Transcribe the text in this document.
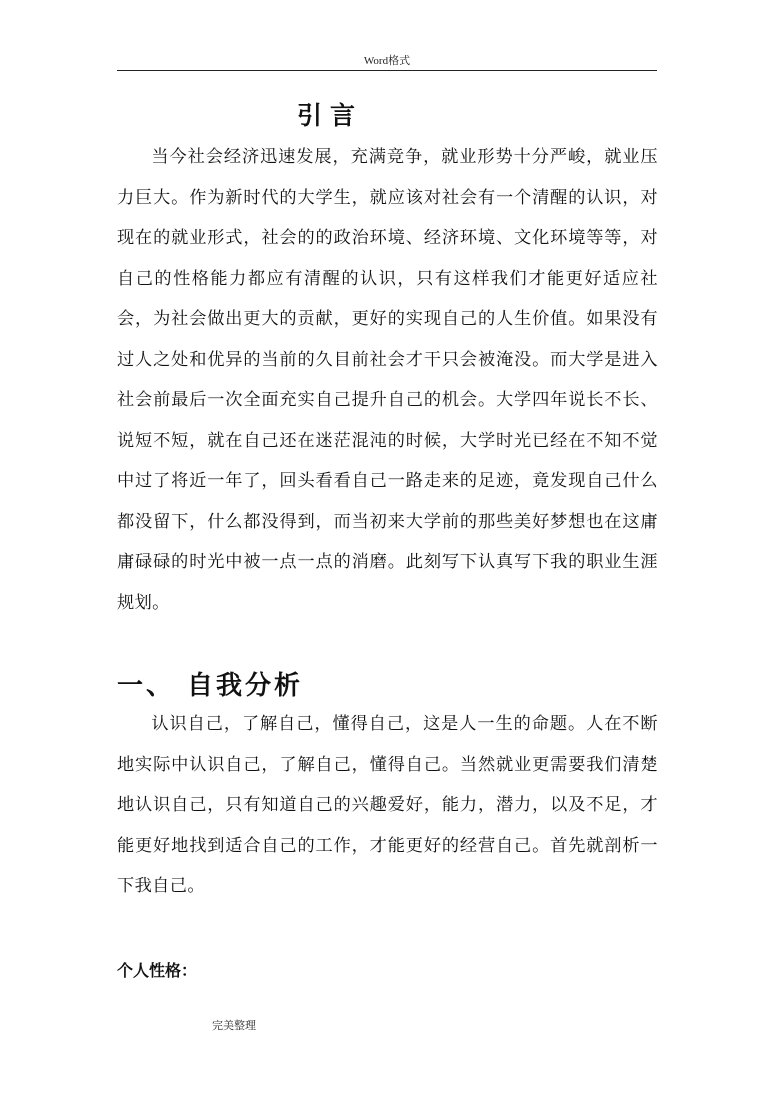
Word格式
引言

当今社会经济迅速发展，充满竞争，就业形势十分严峻，就业压力巨大。作为新时代的大学生，就应该对社会有一个清醒的认识，对现在的就业形式，社会的的政治环境、经济环境、文化环境等等，对自己的性格能力都应有清醒的认识，只有这样我们才能更好适应社会，为社会做出更大的贡献，更好的实现自己的人生价值。如果没有过人之处和优异的当前的久目前社会才干只会被淹没。而大学是进入社会前最后一次全面充实自己提升自己的机会。大学四年说长不长、说短不短，就在自己还在迷茫混沌的时候，大学时光已经在不知不觉中过了将近一年了，回头看看自己一路走来的足迹，竟发现自己什么都没留下，什么都没得到，而当初来大学前的那些美好梦想也在这庸庸碌碌的时光中被一点一点的消磨。此刻写下认真写下我的职业生涯规划。

一、 自我分析

认识自己，了解自己，懂得自己，这是人一生的命题。人在不断地实际中认识自己，了解自己，懂得自己。当然就业更需要我们清楚地认识自己，只有知道自己的兴趣爱好，能力，潜力，以及不足，才能更好地找到适合自己的工作，才能更好的经营自己。首先就剖析一下我自己。

个人性格：
完美整理
